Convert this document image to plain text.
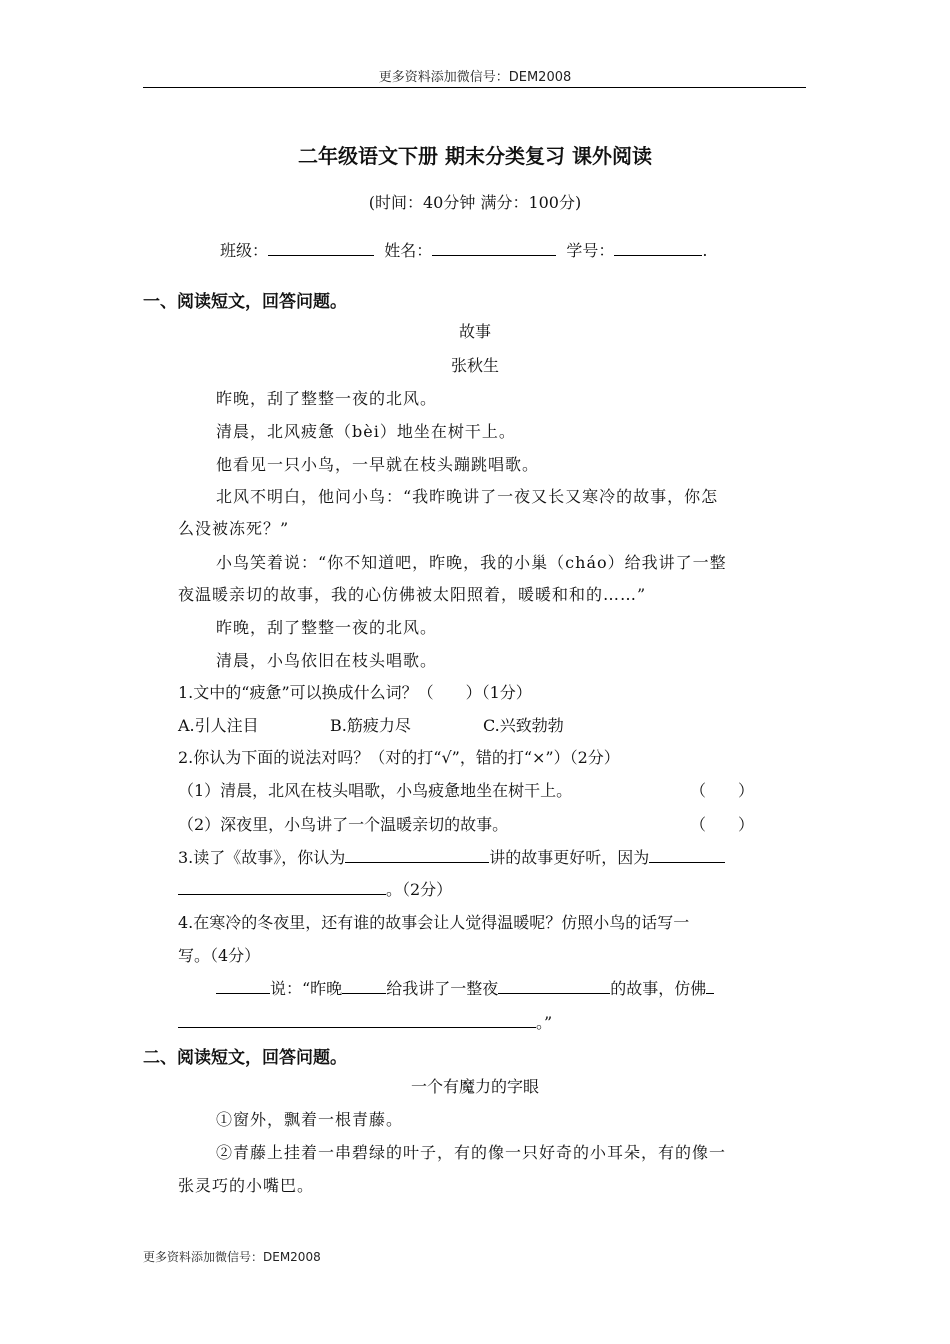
更多资料添加微信号：DEM2008
二年级语文下册 期末分类复习 课外阅读
(时间：40分钟 满分：100分)
班级：	姓名：	学号：	.
一、阅读短文，回答问题。
故事
张秋生
昨晚，刮了整整一夜的北风。
清晨，北风疲惫（bèi）地坐在树干上。
他看见一只小鸟，一早就在枝头蹦跳唱歌。
北风不明白，他问小鸟：“我昨晚讲了一夜又长又寒冷的故事，你怎
么没被冻死？”
小鸟笑着说：“你不知道吧，昨晚，我的小巢（cháo）给我讲了一整
夜温暖亲切的故事，我的心仿佛被太阳照着，暖暖和和的……”
昨晚，刮了整整一夜的北风。
清晨，小鸟依旧在枝头唱歌。
1.文中的“疲惫”可以换成什么词？（　　）（1分）
A.引人注目	B.筋疲力尽	C.兴致勃勃
2.你认为下面的说法对吗？（对的打“√”，错的打“×”）（2分）
（1）清晨，北风在枝头唱歌，小鸟疲惫地坐在树干上。	（　　）
（2）深夜里，小鸟讲了一个温暖亲切的故事。	（　　）
3.读了《故事》，你认为	讲的故事更好听，因为
。（2分）
4.在寒冷的冬夜里，还有谁的故事会让人觉得温暖呢？仿照小鸟的话写一
写。（4分）
说：“昨晚	给我讲了一整夜	的故事，仿佛
。”
二、阅读短文，回答问题。
一个有魔力的字眼
①窗外，飘着一根青藤。
②青藤上挂着一串碧绿的叶子，有的像一只好奇的小耳朵，有的像一
张灵巧的小嘴巴。
更多资料添加微信号：DEM2008
